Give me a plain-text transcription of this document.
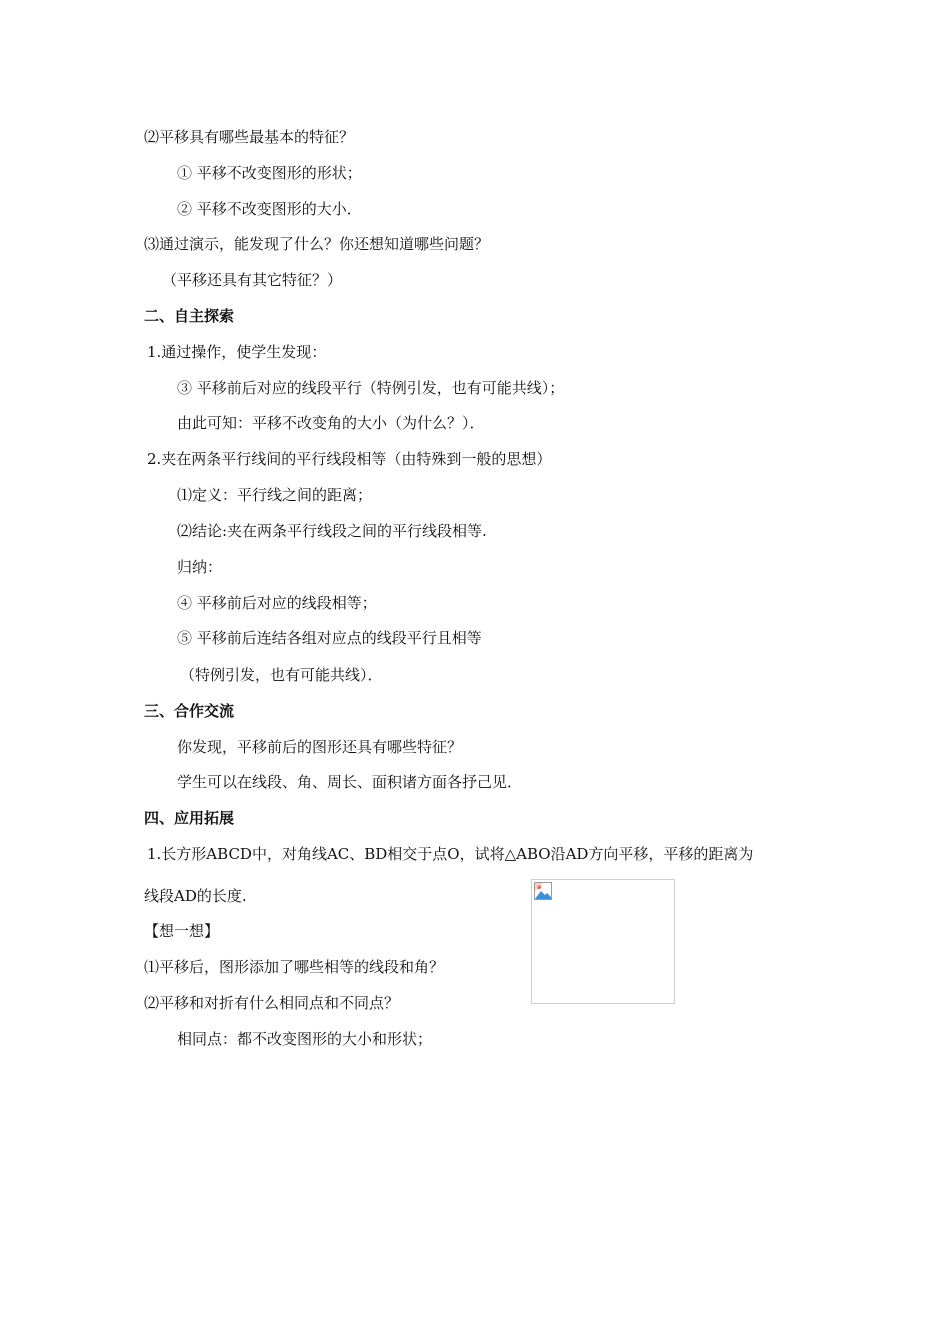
⑵平移具有哪些最基本的特征？
① 平移不改变图形的形状；
② 平移不改变图形的大小．
⑶通过演示，能发现了什么？你还想知道哪些问题？
（平移还具有其它特征？）
二、自主探索
1.通过操作，使学生发现：
③ 平移前后对应的线段平行（特例引发，也有可能共线）；
由此可知：平移不改变角的大小（为什么？）．
2.夹在两条平行线间的平行线段相等（由特殊到一般的思想）
⑴定义：平行线之间的距离；
⑵结论:夹在两条平行线段之间的平行线段相等.
归纳：
④ 平移前后对应的线段相等；
⑤ 平移前后连结各组对应点的线段平行且相等
（特例引发，也有可能共线）．
三、合作交流
你发现，平移前后的图形还具有哪些特征？
学生可以在线段、角、周长、面积诸方面各抒己见．
四、应用拓展
1.长方形ABCD中，对角线AC、BD相交于点O，试将△ABO沿AD方向平移，平移的距离为
线段AD的长度.
【想一想】
⑴平移后，图形添加了哪些相等的线段和角？
⑵平移和对折有什么相同点和不同点？
相同点：都不改变图形的大小和形状；
